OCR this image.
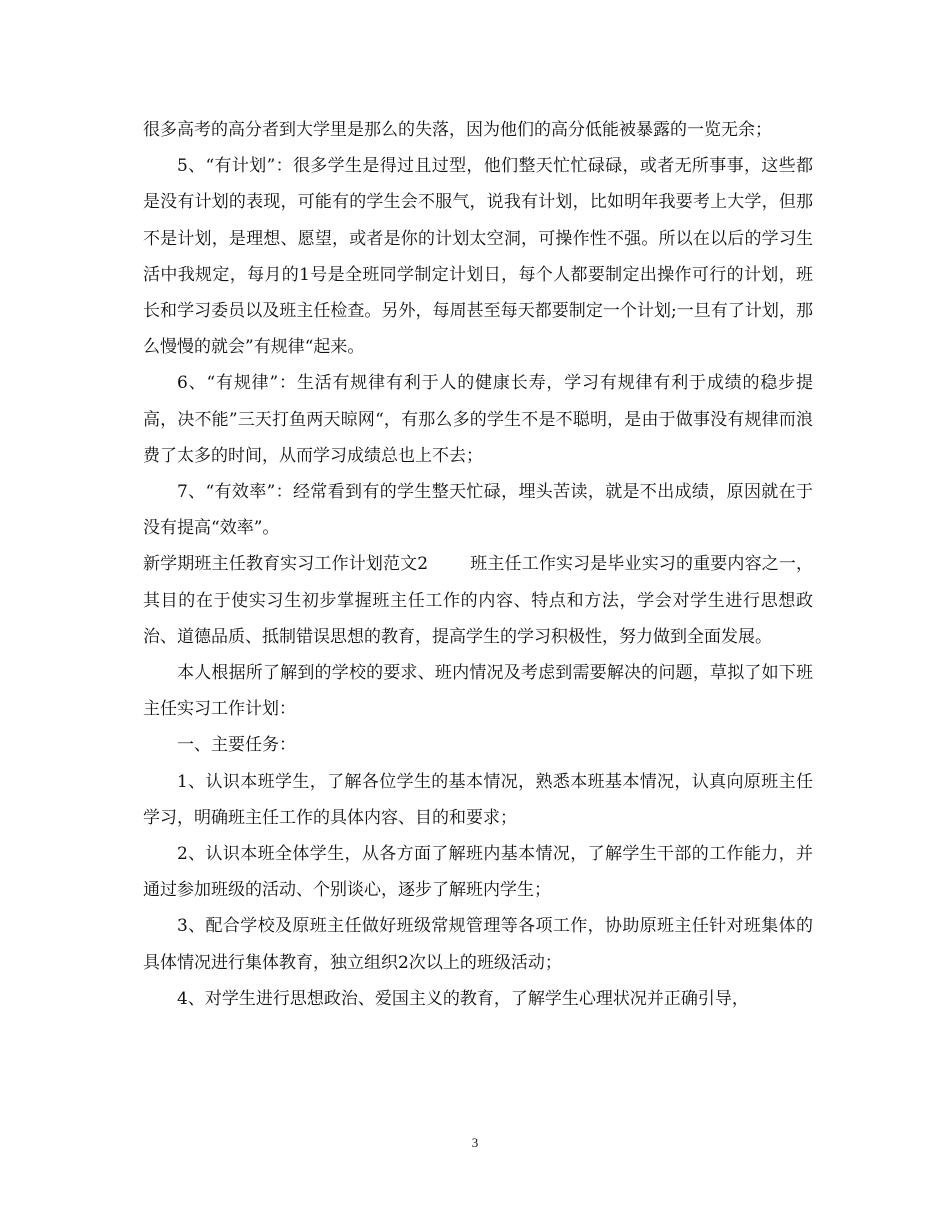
很多高考的高分者到大学里是那么的失落，因为他们的高分低能被暴露的一览无余；

5、“有计划”：很多学生是得过且过型，他们整天忙忙碌碌，或者无所事事，这些都是没有计划的表现，可能有的学生会不服气，说我有计划，比如明年我要考上大学，但那不是计划，是理想、愿望，或者是你的计划太空洞，可操作性不强。所以在以后的学习生活中我规定，每月的1号是全班同学制定计划日，每个人都要制定出操作可行的计划，班长和学习委员以及班主任检查。另外，每周甚至每天都要制定一个计划;一旦有了计划，那么慢慢的就会”有规律“起来。

6、“有规律”：生活有规律有利于人的健康长寿，学习有规律有利于成绩的稳步提高，决不能”三天打鱼两天晾网“，有那么多的学生不是不聪明，是由于做事没有规律而浪费了太多的时间，从而学习成绩总也上不去；

7、“有效率”：经常看到有的学生整天忙碌，埋头苦读，就是不出成绩，原因就在于没有提高“效率”。

新学期班主任教育实习工作计划范文2 班主任工作实习是毕业实习的重要内容之一，其目的在于使实习生初步掌握班主任工作的内容、特点和方法，学会对学生进行思想政治、道德品质、抵制错误思想的教育，提高学生的学习积极性，努力做到全面发展。

本人根据所了解到的学校的要求、班内情况及考虑到需要解决的问题，草拟了如下班主任实习工作计划：

一、主要任务：

1、认识本班学生，了解各位学生的基本情况，熟悉本班基本情况，认真向原班主任学习，明确班主任工作的具体内容、目的和要求；

2、认识本班全体学生，从各方面了解班内基本情况，了解学生干部的工作能力，并通过参加班级的活动、个别谈心，逐步了解班内学生；

3、配合学校及原班主任做好班级常规管理等各项工作，协助原班主任针对班集体的具体情况进行集体教育，独立组织2次以上的班级活动；

4、对学生进行思想政治、爱国主义的教育，了解学生心理状况并正确引导，

3
